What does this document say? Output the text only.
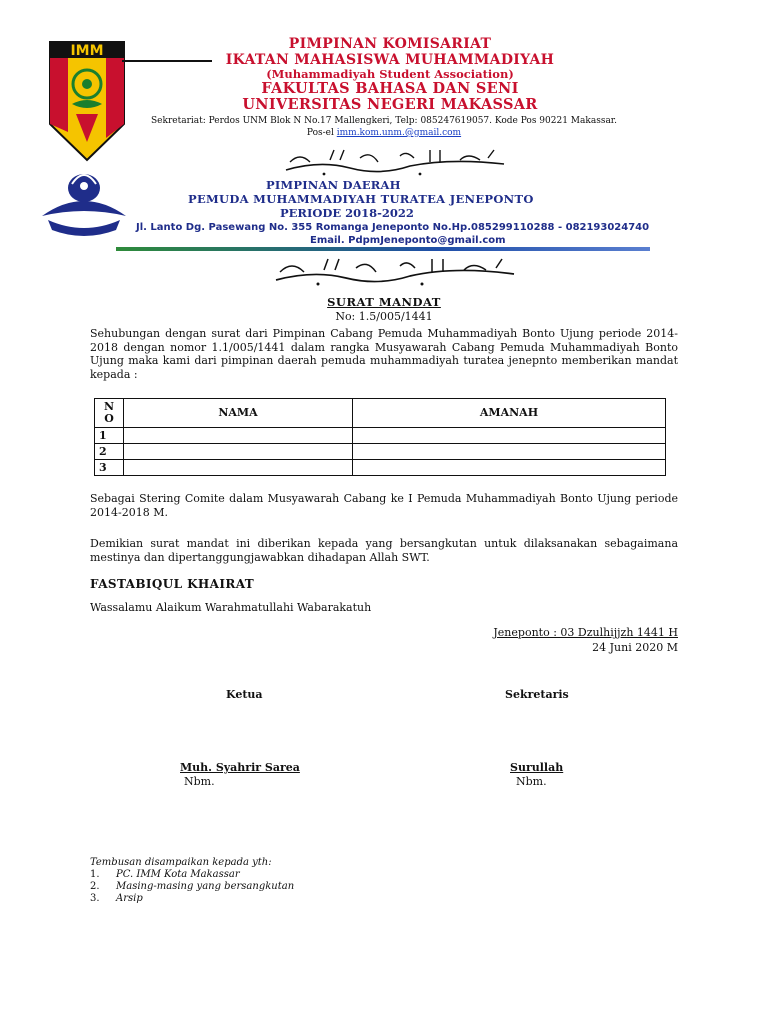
IMM	PIMPINAN KOMISARIAT
IKATAN MAHASISWA MUHAMMADIYAH
(Muhammadiyah Student Association)
FAKULTAS BAHASA DAN SENI
UNIVERSITAS NEGERI MAKASSAR
Sekretariat: Perdos UNM Blok N No.17 Mallengkeri, Telp: 085247619057. Kode Pos 90221 Makassar.
Pos-el imm.kom.unm.@gmail.com
PIMPINAN DAERAH
PEMUDA MUHAMMADIYAH TURATEA JENEPONTO
PERIODE 2018-2022
Jl. Lanto Dg. Pasewang No. 355 Romanga Jeneponto No.Hp.085299110288 - 082193024740
Email. PdpmJeneponto@gmail.com
SURAT MANDAT
No: 1.5/005/1441
Sehubungan dengan surat dari Pimpinan Cabang Pemuda Muhammadiyah Bonto Ujung periode 2014-2018 dengan nomor 1.1/005/1441 dalam rangka Musyawarah Cabang Pemuda Muhammadiyah Bonto Ujung maka kami dari pimpinan daerah pemuda muhammadiyah turatea jenepnto memberikan mandat kepada :
N
O	NAMA	AMANAH
1		
2		
3		
Sebagai Stering Comite dalam Musyawarah Cabang ke I Pemuda Muhammadiyah Bonto Ujung periode 2014-2018 M.
Demikian surat mandat ini diberikan kepada yang bersangkutan untuk dilaksanakan sebagaimana mestinya dan dipertanggungjawabkan dihadapan Allah SWT.
FASTABIQUL KHAIRAT
Wassalamu Alaikum Warahmatullahi Wabarakatuh
Jeneponto : 03 Dzulhijjzh 1441 H
24 Juni 2020 M
Ketua	Sekretaris
Muh. Syahrir Sarea	Surullah
Nbm.	Nbm.
Tembusan disampaikan kepada yth:
1.	PC. IMM Kota Makassar
2.	Masing-masing yang bersangkutan
3.	Arsip
